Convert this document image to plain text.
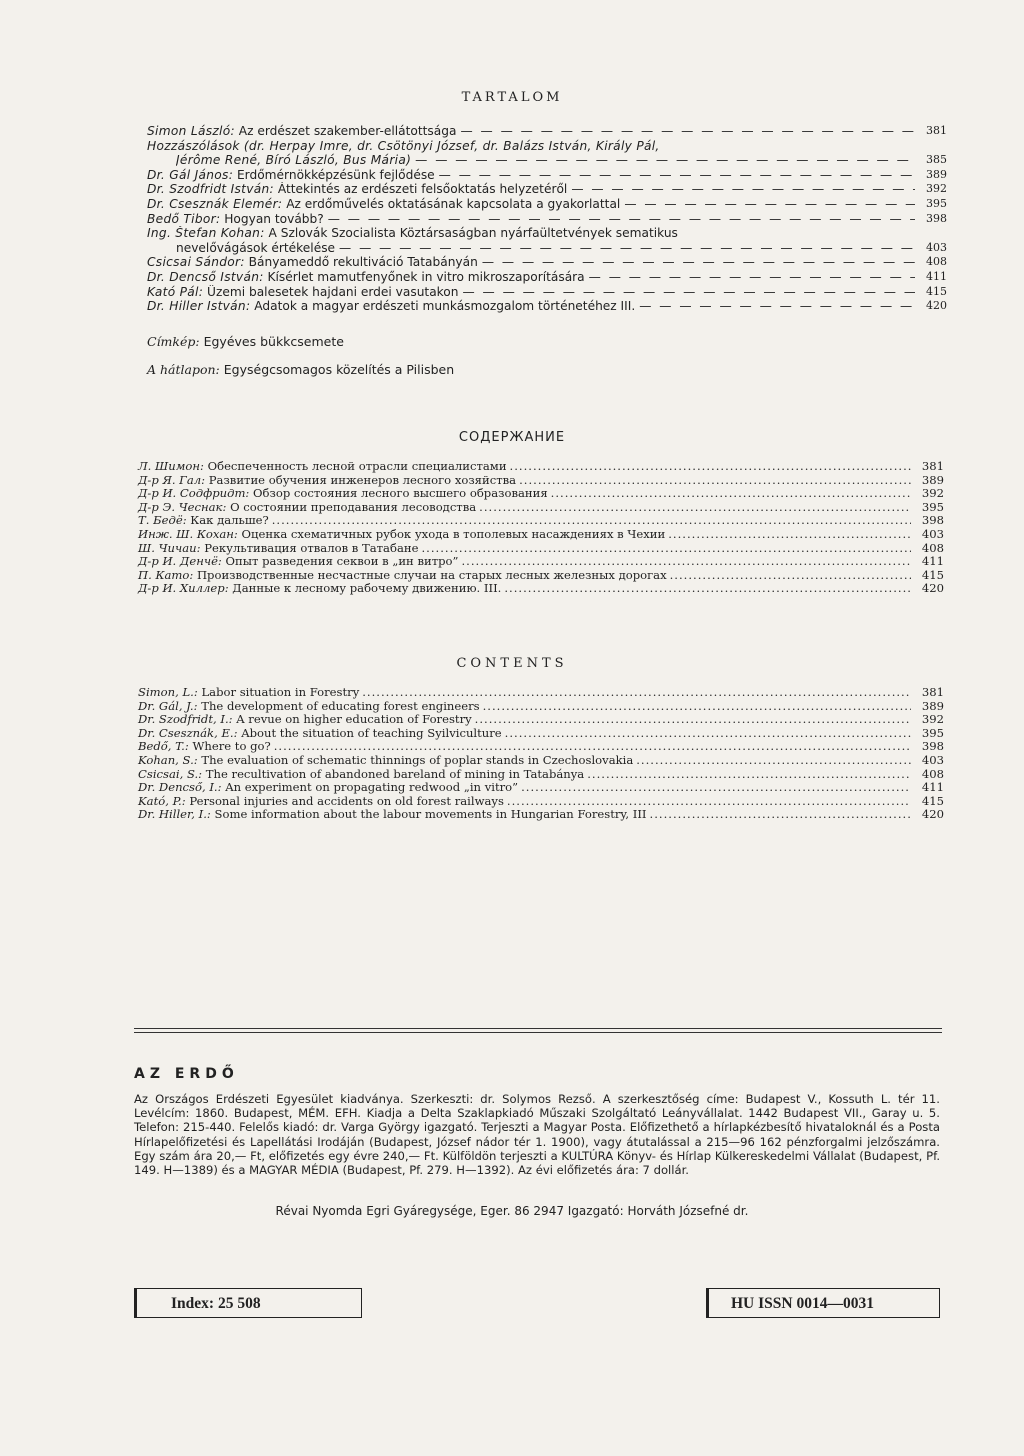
TARTALOM
Simon László: Az erdészet szakember-ellátottsága — — —	381
Hozzászólások (dr. Herpay Imre, dr. Csötönyi József, dr. Balázs István, Király Pál,
Jérôme René, Bíró László, Bus Mária) — — —	385
Dr. Gál János: Erdőmérnökképzésünk fejlődése — — —	389
Dr. Szodfridt István: Áttekintés az erdészeti felsőoktatás helyzetéről — — —	392
Dr. Csesznák Elemér: Az erdőművelés oktatásának kapcsolata a gyakorlattal — — —	395
Bedő Tibor: Hogyan tovább? — — —	398
Ing. Štefan Kohan: A Szlovák Szocialista Köztársaságban nyárfaültetvények sematikus
nevelővágások értékelése — — —	403
Csicsai Sándor: Bányameddő rekultiváció Tatabányán — — —	408
Dr. Dencső István: Kísérlet mamutfenyőnek in vitro mikroszaporítására — — —	411
Kató Pál: Üzemi balesetek hajdani erdei vasutakon — — —	415
Dr. Hiller István: Adatok a magyar erdészeti munkásmozgalom történetéhez III. — — —	420
Címkép: Egyéves bükkcsemete
A hátlapon: Egységcsomagos közelítés a Pilisben
СОДЕРЖАНИЕ
Л. Шимон: Обеспеченность лесной отрасли специалистами .....	381
Д-р Я. Гал: Развитие обучения инженеров лесного хозяйства .....	389
Д-р И. Содфридт: Обзор состояния лесного высшего образования .....	392
Д-р Э. Чеснак: О состоянии преподавания лесоводства .....	395
Т. Бедё: Как дальше? .....	398
Инж. Ш. Кохан: Оценка схематичных рубок ухода в тополевых насаждениях в Чехии .....	403
Ш. Чичаи: Рекультивация отвалов в Татабане .....	408
Д-р И. Денчё: Опыт разведения секвои в „ин витро” .....	411
П. Като: Производственные несчастные случаи на старых лесных железных дорогах .....	415
Д-р И. Хиллер: Данные к лесному рабочему движению. III. .....	420
CONTENTS
Simon, L.: Labor situation in Forestry .....	381
Dr. Gál, J.: The development of educating forest engineers .....	389
Dr. Szodfridt, I.: A revue on higher education of Forestry .....	392
Dr. Csesznák, E.: About the situation of teaching Syilviculture .....	395
Bedő, T.: Where to go? .....	398
Kohan, S.: The evaluation of schematic thinnings of poplar stands in Czechoslovakia .....	403
Csicsai, S.: The recultivation of abandoned bareland of mining in Tatabánya .....	408
Dr. Dencső, I.: An experiment on propagating redwood „in vitro” .....	411
Kató, P.: Personal injuries and accidents on old forest railways .....	415
Dr. Hiller, I.: Some information about the labour movements in Hungarian Forestry, III .....	420
AZ ERDŐ
Az Országos Erdészeti Egyesület kiadványa. Szerkeszti: dr. Solymos Rezső. A szerkesztőség címe: Budapest V., Kossuth L. tér 11. Levélcím: 1860. Budapest, MÉM. EFH. Kiadja a Delta Szaklapkiadó Műszaki Szolgáltató Leányvállalat. 1442 Budapest VII., Garay u. 5. Telefon: 215-440. Felelős kiadó: dr. Varga György igazgató. Terjeszti a Magyar Posta. Előfizethető a hírlapkézbesítő hivataloknál és a Posta Hírlapelőfizetési és Lapellátási Irodáján (Budapest, József nádor tér 1. 1900), vagy átutalással a 215—96 162 pénzforgalmi jelzőszámra. Egy szám ára 20,— Ft, előfizetés egy évre 240,— Ft. Külföldön terjeszti a KULTÚRA Könyv- és Hírlap Külkereskedelmi Vállalat (Budapest, Pf. 149. H—1389) és a MAGYAR MÉDIA (Budapest, Pf. 279. H—1392). Az évi előfizetés ára: 7 dollár.
Révai Nyomda Egri Gyáregysége, Eger. 86 2947 Igazgató: Horváth Józsefné dr.
Index: 25 508	HU ISSN 0014—0031
